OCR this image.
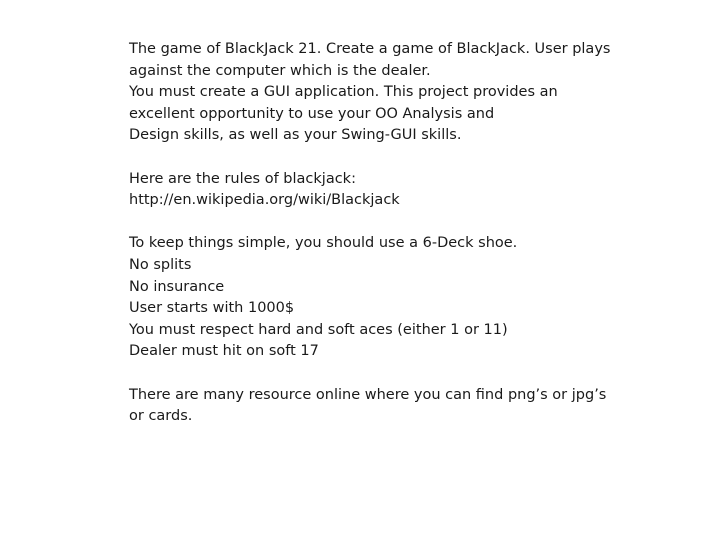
The game of BlackJack 21. Create a game of BlackJack. User plays
against the computer which is the dealer.
You must create a GUI application. This project provides an
excellent opportunity to use your OO Analysis and
Design skills, as well as your Swing-GUI skills.
Here are the rules of blackjack:
http://en.wikipedia.org/wiki/Blackjack
To keep things simple, you should use a 6-Deck shoe.
No splits
No insurance
User starts with 1000$
You must respect hard and soft aces (either 1 or 11)
Dealer must hit on soft 17
There are many resource online where you can find png’s or jpg’s
or cards.
